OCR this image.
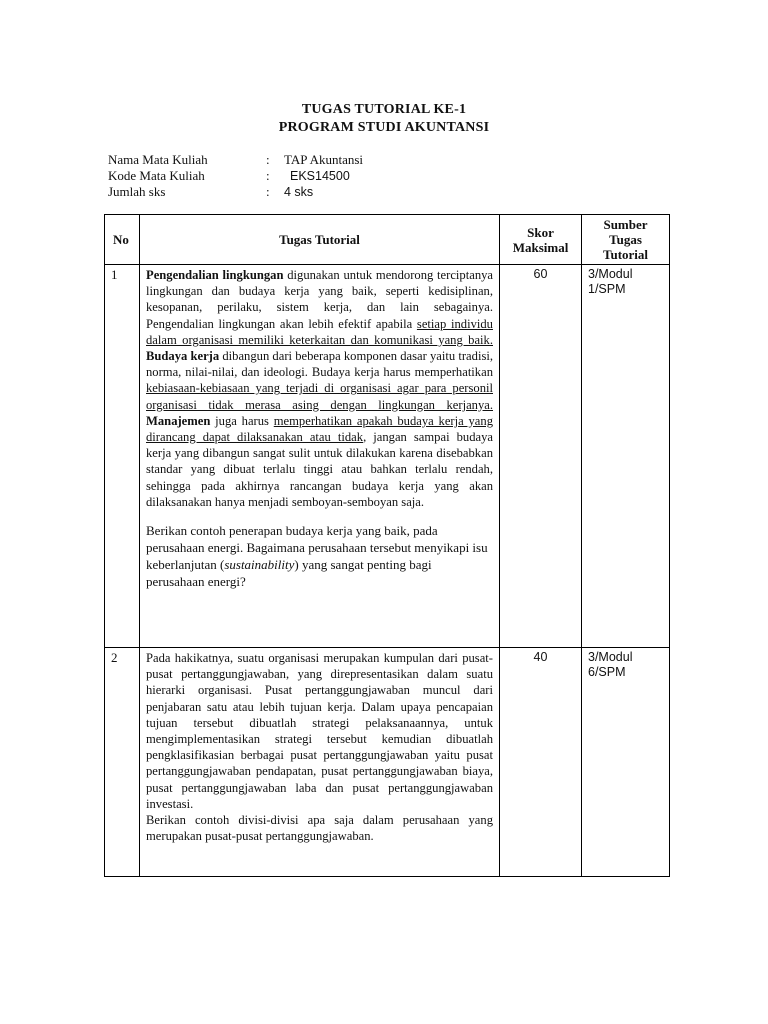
TUGAS TUTORIAL KE-1
PROGRAM STUDI AKUNTANSI
Nama Mata Kuliah	:	TAP Akuntansi
Kode Mata Kuliah	:	EKS14500
Jumlah sks	:	4 sks
No	Tugas Tutorial	Skor Maksimal	Sumber Tugas Tutorial
1	Pengendalian lingkungan digunakan untuk mendorong terciptanya lingkungan dan budaya kerja yang baik, seperti kedisiplinan, kesopanan, perilaku, sistem kerja, dan lain sebagainya. Pengendalian lingkungan akan lebih efektif apabila setiap individu dalam organisasi memiliki keterkaitan dan komunikasi yang baik. Budaya kerja dibangun dari beberapa komponen dasar yaitu tradisi, norma, nilai-nilai, dan ideologi. Budaya kerja harus memperhatikan kebiasaan-kebiasaan yang terjadi di organisasi agar para personil organisasi tidak merasa asing dengan lingkungan kerjanya. Manajemen juga harus memperhatikan apakah budaya kerja yang dirancang dapat dilaksanakan atau tidak, jangan sampai budaya kerja yang dibangun sangat sulit untuk dilakukan karena disebabkan standar yang dibuat terlalu tinggi atau bahkan terlalu rendah, sehingga pada akhirnya rancangan budaya kerja yang akan dilaksanakan hanya menjadi semboyan-semboyan saja.

Berikan contoh penerapan budaya kerja yang baik, pada perusahaan energi. Bagaimana perusahaan tersebut menyikapi isu keberlanjutan (sustainability) yang sangat penting bagi perusahaan energi?	60	3/Modul 1/SPM
2	Pada hakikatnya, suatu organisasi merupakan kumpulan dari pusat-pusat pertanggungjawaban, yang direpresentasikan dalam suatu hierarki organisasi. Pusat pertanggungjawaban muncul dari penjabaran satu atau lebih tujuan kerja. Dalam upaya pencapaian tujuan tersebut dibuatlah strategi pelaksanaannya, untuk mengimplementasikan strategi tersebut kemudian dibuatlah pengklasifikasian berbagai pusat pertanggungjawaban yaitu pusat pertanggungjawaban pendapatan, pusat pertanggungjawaban biaya, pusat pertanggungjawaban laba dan pusat pertanggungjawaban investasi.

Berikan contoh divisi-divisi apa saja dalam perusahaan yang merupakan pusat-pusat pertanggungjawaban.	40	3/Modul 6/SPM
